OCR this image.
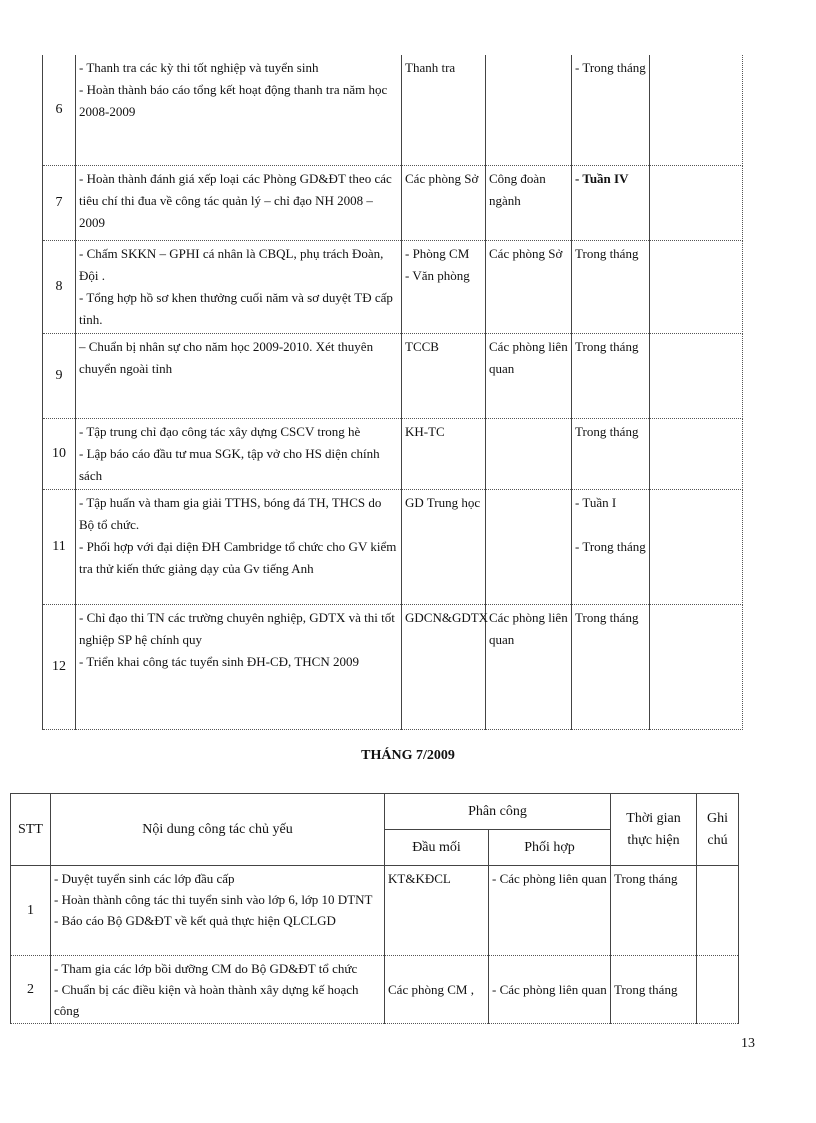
6	- Thanh tra các kỳ thi tốt nghiệp và tuyển sinh
- Hoàn thành báo cáo tổng kết hoạt động thanh tra năm học 2008-2009	Thanh tra		- Trong tháng	

7	- Hoàn thành đánh giá xếp loại các Phòng GD&ĐT theo các tiêu chí thi đua về công tác quản lý – chỉ đạo NH 2008 – 2009	Các phòng Sở	Công đoàn ngành	- Tuần IV	

8	- Chấm SKKN – GPHI cá nhân là CBQL, phụ trách Đoàn, Đội .
- Tổng hợp hồ sơ khen thưởng cuối năm và sơ duyệt TĐ cấp tỉnh.	- Phòng CM
- Văn phòng	Các phòng Sở	Trong tháng	

9	– Chuẩn bị nhân sự cho năm học 2009-2010. Xét thuyên chuyển ngoài tỉnh	TCCB	Các phòng liên quan	Trong tháng	

10	- Tập trung chỉ đạo công tác xây dựng CSCV trong hè
- Lập báo cáo đầu tư mua SGK, tập vở cho HS diện chính sách	KH-TC		Trong tháng	

11	- Tập huấn và tham gia giải TTHS, bóng đá TH, THCS do Bộ tổ chức.
- Phối hợp với đại diện ĐH Cambridge tổ chức cho GV kiểm tra thử kiến thức giảng dạy của Gv tiếng Anh	GD Trung học		- Tuần I
- Trong tháng	

12	- Chỉ đạo thi TN các trường chuyên nghiệp, GDTX và thi tốt nghiệp SP hệ chính quy
- Triển khai công tác tuyển sinh ĐH-CĐ, THCN 2009	GDCN&GDTX	Các phòng liên quan	Trong tháng	

THÁNG 7/2009
STT	Nội dung công tác chủ yếu	Phân công		Thời gian thực hiện	Ghi chú
		Đầu mối	Phối hợp		
1	- Duyệt tuyển sinh các lớp đầu cấp
- Hoàn thành công tác thi tuyển sinh vào lớp 6, lớp 10 DTNT
- Báo cáo Bộ GD&ĐT về kết quả thực hiện QLCLGD	KT&KĐCL	- Các phòng liên quan	Trong tháng	
2	- Tham gia các lớp bồi dưỡng CM do Bộ GD&ĐT tổ chức
- Chuẩn bị các điều kiện và hoàn thành xây dựng kế hoạch công	Các phòng CM ,	- Các phòng liên quan	Trong tháng	
13
